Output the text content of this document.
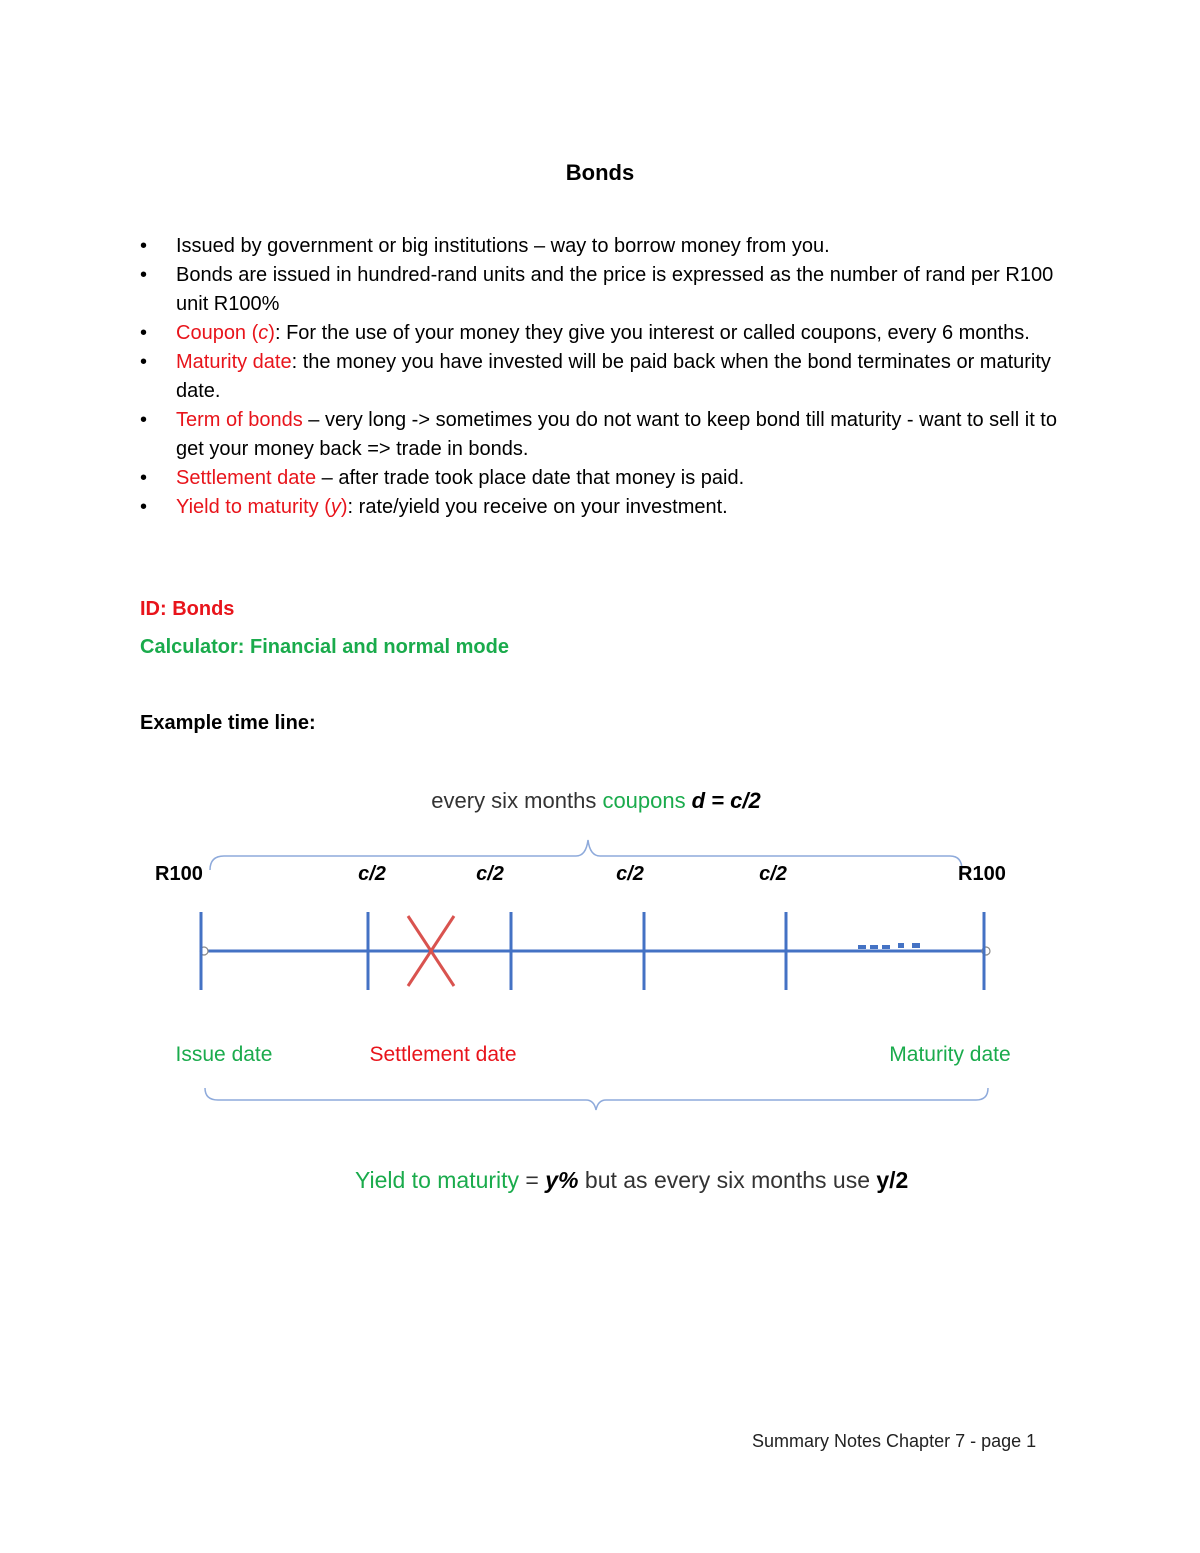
Bonds
• Issued by government or big institutions – way to borrow money from you.
• Bonds are issued in hundred-rand units and the price is expressed as the number of rand per R100 unit R100%
• Coupon (c): For the use of your money they give you interest or called coupons, every 6 months.
• Maturity date: the money you have invested will be paid back when the bond terminates or maturity date.
• Term of bonds – very long -> sometimes you do not want to keep bond till maturity - want to sell it to get your money back => trade in bonds.
• Settlement date – after trade took place date that money is paid.
• Yield to maturity (y): rate/yield you receive on your investment.
ID: Bonds
Calculator: Financial and normal mode
Example time line:
every six months coupons d = c/2
R100	R100
c/2	c/2	c/2	c/2
Issue date	Settlement date	Maturity date
Yield to maturity = y% but as every six months use y/2
Summary Notes Chapter 7 - page 1
